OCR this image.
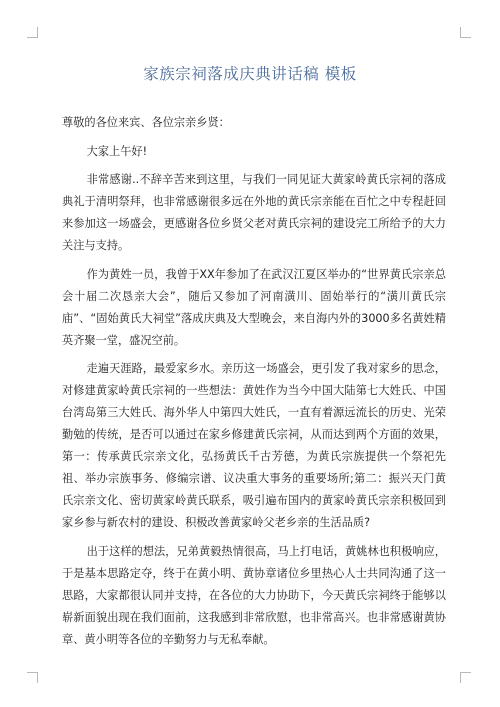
家族宗祠落成庆典讲话稿 模板

尊敬的各位来宾、各位宗亲乡贤：

大家上午好!

非常感谢..不辞辛苦来到这里，与我们一同见证大黄家岭黄氏宗祠的落成典礼于清明祭拜，也非常感谢很多远在外地的黄氏宗亲能在百忙之中专程赶回来参加这一场盛会，更感谢各位乡贤父老对黄氏宗祠的建设完工所给予的大力关注与支持。

作为黄姓一员，我曾于XX年参加了在武汉江夏区举办的“世界黄氏宗亲总会十届二次恳亲大会”，随后又参加了河南潢川、固始举行的“潢川黄氏宗庙”、“固始黄氏大祠堂”落成庆典及大型晚会，来自海内外的3000多名黄姓精英齐聚一堂，盛况空前。

走遍天涯路，最爱家乡水。亲历这一场盛会，更引发了我对家乡的思念，对修建黄家岭黄氏宗祠的一些想法：黄姓作为当今中国大陆第七大姓氏、中国台湾岛第三大姓氏、海外华人中第四大姓氏，一直有着源远流长的历史、光荣勤勉的传统，是否可以通过在家乡修建黄氏宗祠，从而达到两个方面的效果，第一：传承黄氏宗亲文化，弘扬黄氏千古芳德，为黄氏宗族提供一个祭祀先祖、举办宗族事务、修编宗谱、议决重大事务的重要场所;第二：振兴天门黄氏宗亲文化、密切黄家岭黄氏联系，吸引遍布国内的黄家岭黄氏宗亲积极回到家乡参与新农村的建设、积极改善黄家岭父老乡亲的生活品质?

出于这样的想法，兄弟黄毅热情很高，马上打电话，黄姚林也积极响应，于是基本思路定夺，终于在黄小明、黄协章诸位乡里热心人士共同沟通了这一思路，大家都很认同并支持，在各位的大力协助下，今天黄氏宗祠终于能够以崭新面貌出现在我们面前，这我感到非常欣慰，也非常高兴。也非常感谢黄协章、黄小明等各位的辛勤努力与无私奉献。
